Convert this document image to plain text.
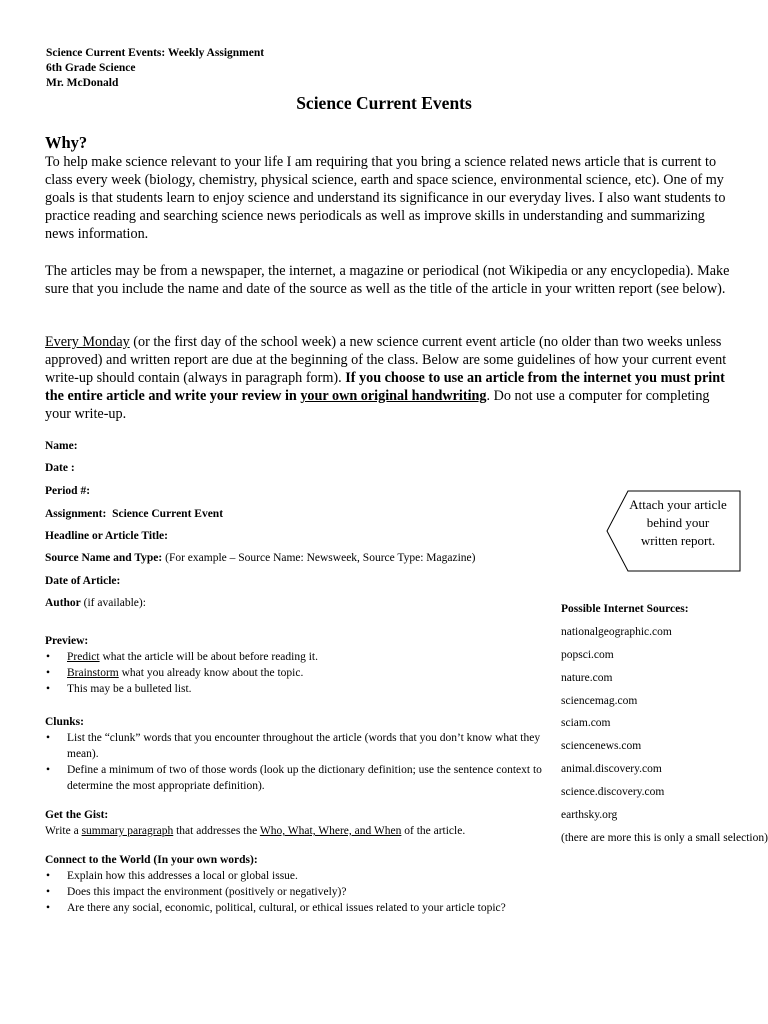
Science Current Events: Weekly Assignment
6th Grade Science
Mr. McDonald
Science Current Events
Why?
To help make science relevant to your life I am requiring that you bring a science related news article that is current to class every week (biology, chemistry, physical science, earth and space science, environmental science, etc). One of my goals is that students learn to enjoy science and understand its significance in our everyday lives. I also want students to practice reading and searching science news periodicals as well as improve skills in understanding and summarizing news information.
The articles may be from a newspaper, the internet, a magazine or periodical (not Wikipedia or any encyclopedia). Make sure that you include the name and date of the source as well as the title of the article in your written report (see below).
Every Monday (or the first day of the school week) a new science current event article (no older than two weeks unless approved) and written report are due at the beginning of the class. Below are some guidelines of how your current event write-up should contain (always in paragraph form). If you choose to use an article from the internet you must print the entire article and write your review in your own original handwriting. Do not use a computer for completing your write-up.
Name:
Date :
Period #:
Assignment: Science Current Event
Headline or Article Title:
Source Name and Type: (For example – Source Name: Newsweek, Source Type: Magazine)
Date of Article:
Author (if available):
Preview:
• Predict what the article will be about before reading it.
• Brainstorm what you already know about the topic.
• This may be a bulleted list.
Clunks:
• List the “clunk” words that you encounter throughout the article (words that you don’t know what they mean).
• Define a minimum of two of those words (look up the dictionary definition; use the sentence context to determine the most appropriate definition).
Get the Gist:
Write a summary paragraph that addresses the Who, What, Where, and When of the article.
Connect to the World (In your own words):
• Explain how this addresses a local or global issue.
• Does this impact the environment (positively or negatively)?
• Are there any social, economic, political, cultural, or ethical issues related to your article topic?
Attach your article
behind your
written report.
Possible Internet Sources:
nationalgeographic.com
popsci.com
nature.com
sciencemag.com
sciam.com
sciencenews.com
animal.discovery.com
science.discovery.com
earthsky.org
(there are more this is only a small selection)
